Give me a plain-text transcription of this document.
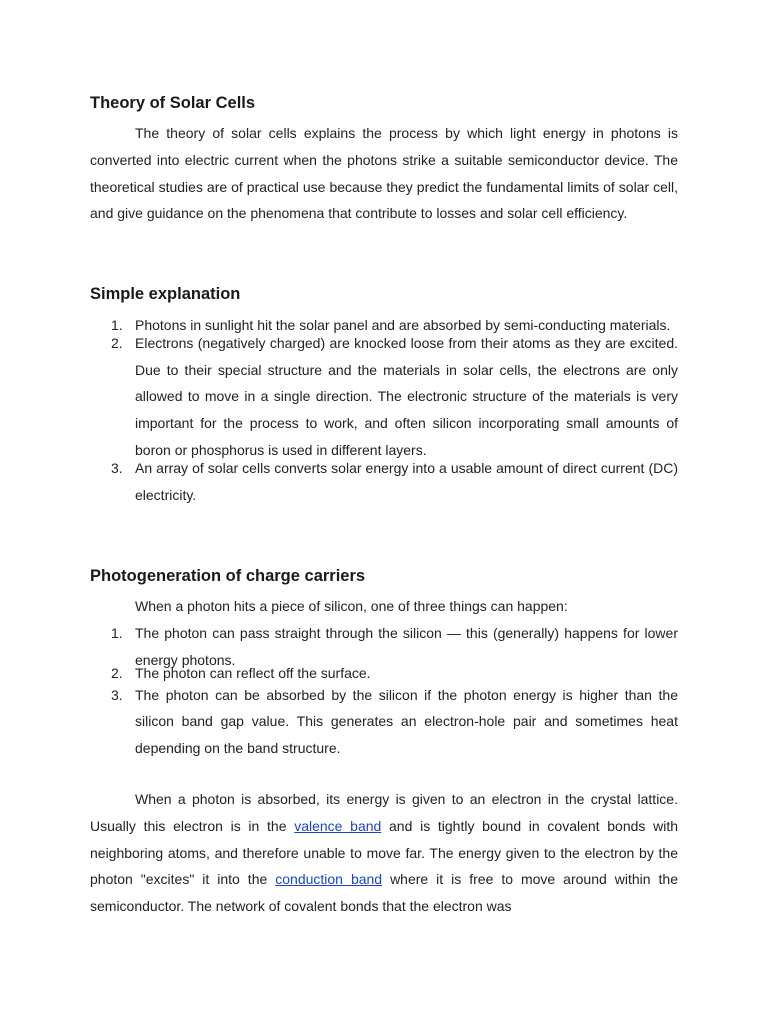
Theory of Solar Cells

The theory of solar cells explains the process by which light energy in photons is converted into electric current when the photons strike a suitable semiconductor device. The theoretical studies are of practical use because they predict the fundamental limits of solar cell, and give guidance on the phenomena that contribute to losses and solar cell efficiency.

Simple explanation
1. Photons in sunlight hit the solar panel and are absorbed by semi-conducting materials.
2. Electrons (negatively charged) are knocked loose from their atoms as they are excited. Due to their special structure and the materials in solar cells, the electrons are only allowed to move in a single direction. The electronic structure of the materials is very important for the process to work, and often silicon incorporating small amounts of boron or phosphorus is used in different layers.
3. An array of solar cells converts solar energy into a usable amount of direct current (DC) electricity.
Photogeneration of charge carriers
When a photon hits a piece of silicon, one of three things can happen:
1. The photon can pass straight through the silicon — this (generally) happens for lower energy photons.
2. The photon can reflect off the surface.
3. The photon can be absorbed by the silicon if the photon energy is higher than the silicon band gap value. This generates an electron-hole pair and sometimes heat depending on the band structure.

When a photon is absorbed, its energy is given to an electron in the crystal lattice. Usually this electron is in the valence band and is tightly bound in covalent bonds with neighboring atoms, and therefore unable to move far. The energy given to the electron by the photon "excites" it into the conduction band where it is free to move around within the semiconductor. The network of covalent bonds that the electron was
